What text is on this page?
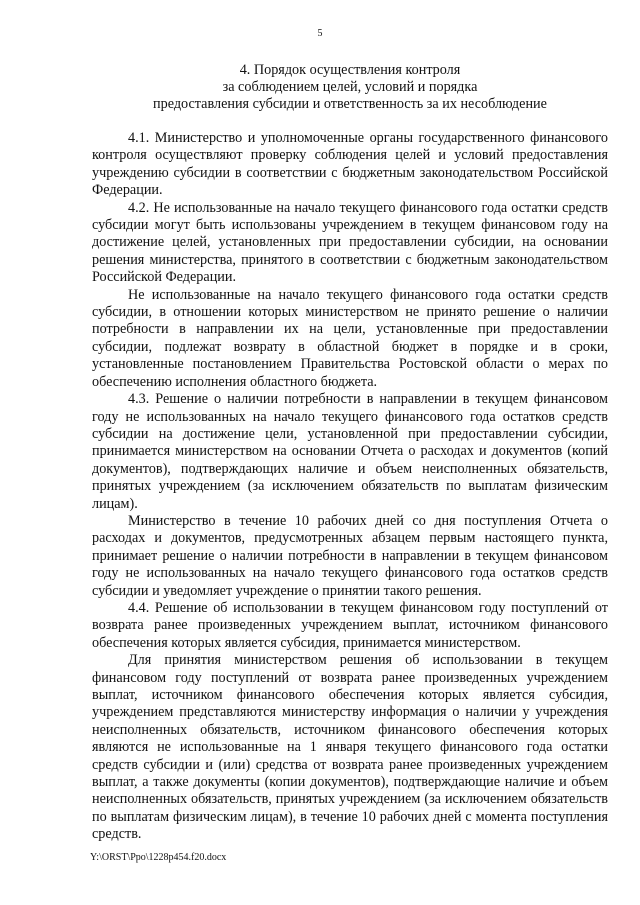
5
4. Порядок осуществления контроля
за соблюдением целей, условий и порядка
предоставления субсидии и ответственность за их несоблюдение

4.1. Министерство и уполномоченные органы государственного финансового контроля осуществляют проверку соблюдения целей и условий предоставления учреждению субсидии в соответствии с бюджетным законодательством Российской Федерации.

4.2. Не использованные на начало текущего финансового года остатки средств субсидии могут быть использованы учреждением в текущем финансовом году на достижение целей, установленных при предоставлении субсидии, на основании решения министерства, принятого в соответствии с бюджетным законодательством Российской Федерации.

Не использованные на начало текущего финансового года остатки средств субсидии, в отношении которых министерством не принято решение о наличии потребности в направлении их на цели, установленные при предоставлении субсидии, подлежат возврату в областной бюджет в порядке и в сроки, установленные постановлением Правительства Ростовской области о мерах по обеспечению исполнения областного бюджета.

4.3. Решение о наличии потребности в направлении в текущем финансовом году не использованных на начало текущего финансового года остатков средств субсидии на достижение цели, установленной при предоставлении субсидии, принимается министерством на основании Отчета о расходах и документов (копий документов), подтверждающих наличие и объем неисполненных обязательств, принятых учреждением (за исключением обязательств по выплатам физическим лицам).

Министерство в течение 10 рабочих дней со дня поступления Отчета о расходах и документов, предусмотренных абзацем первым настоящего пункта, принимает решение о наличии потребности в направлении в текущем финансовом году не использованных на начало текущего финансового года остатков средств субсидии и уведомляет учреждение о принятии такого решения.

4.4. Решение об использовании в текущем финансовом году поступлений от возврата ранее произведенных учреждением выплат, источником финансового обеспечения которых является субсидия, принимается министерством.

Для принятия министерством решения об использовании в текущем финансовом году поступлений от возврата ранее произведенных учреждением выплат, источником финансового обеспечения которых является субсидия, учреждением представляются министерству информация о наличии у учреждения неисполненных обязательств, источником финансового обеспечения которых являются не использованные на 1 января текущего финансового года остатки средств субсидии и (или) средства от возврата ранее произведенных учреждением выплат, а также документы (копии документов), подтверждающие наличие и объем неисполненных обязательств, принятых учреждением (за исключением обязательств по выплатам физическим лицам), в течение 10 рабочих дней с момента поступления средств.

Y:\ORST\Ppo\1228p454.f20.docx
